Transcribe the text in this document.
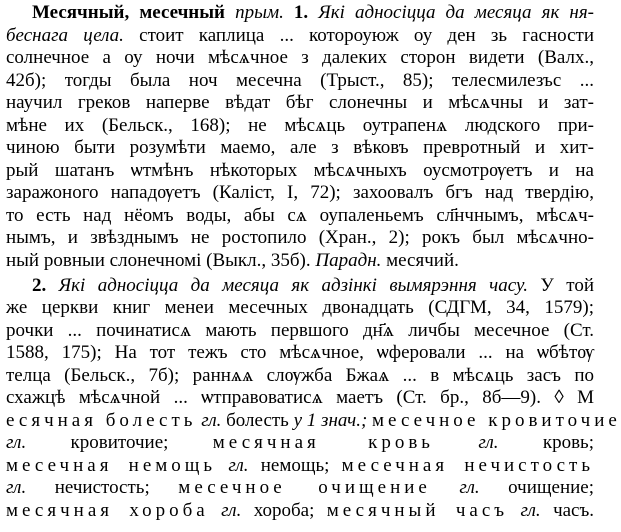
Месячный, месечный прым. 1. Які адносіцца да месяца як ня-
беснага цела. стоит каплица ... котороуюж оу ден зь гасности
солнечное а оу ночи мѣсѧчное з далеких сторон видети (Валх.,
42б); тогды была ноч месечна (Трыст., 85); телесмилезъс ...
научил греков наперве вѣдат бѣг слонечны и мѣсѧчны и зат-
мѣне их (Бельск., 168); не мѣсѧць оутрапенѧ людского при-
чиною быти розумѣти маемо, але з вѣковъ превротный и хит-
рый шатанъ ѡтмѣнъ нѣкоторых мѣсѧчныхъ оусмотрѹетъ и на
заражоного нападѹетъ (Каліст, I, 72); захоовалъ бгъ над твердію,
то есть над нёомъ воды, абы сѧ оупаленьемъ сл҃нчнымъ, мѣсѧч-
нымъ, и звѣзднымъ не ростопило (Хран., 2); рокъ был мѣсѧчно-
ный ровныи слонечномі (Выкл., 35б). Парадн. месячий.
2. Які адносіцца да месяца як адзінкі вымярэння часу. У той
же церкви книг менеи месечных двонадцать (СДГМ, 34, 1579);
рочки ... починатисѧ мають первшого дн҃ѧ личбы месечное (Ст.
1588, 175); На тот тежъ сто мѣсѧчное, ѡферовали ... на ѡбѣтѹ
телца (Бельск., 7б); раннѧѧ слѹжба Бжаѧ ... в мѣсѧць засъ по
схажцѣ мѣсѧчной ... ѡтправоватисѧ маетъ (Ст. бр., 8б—9). ◊ М
есячная болесть гл. болесть у 1 знач.; месечное кровиточие
гл. кровиточие; месячная кровь гл. кровь;
месечная немощь гл. немощь; месечная нечистость
гл. нечистость; месечное очищение гл. очищение;
месячная хороба гл. хороба; месячный часъ гл. часъ.
